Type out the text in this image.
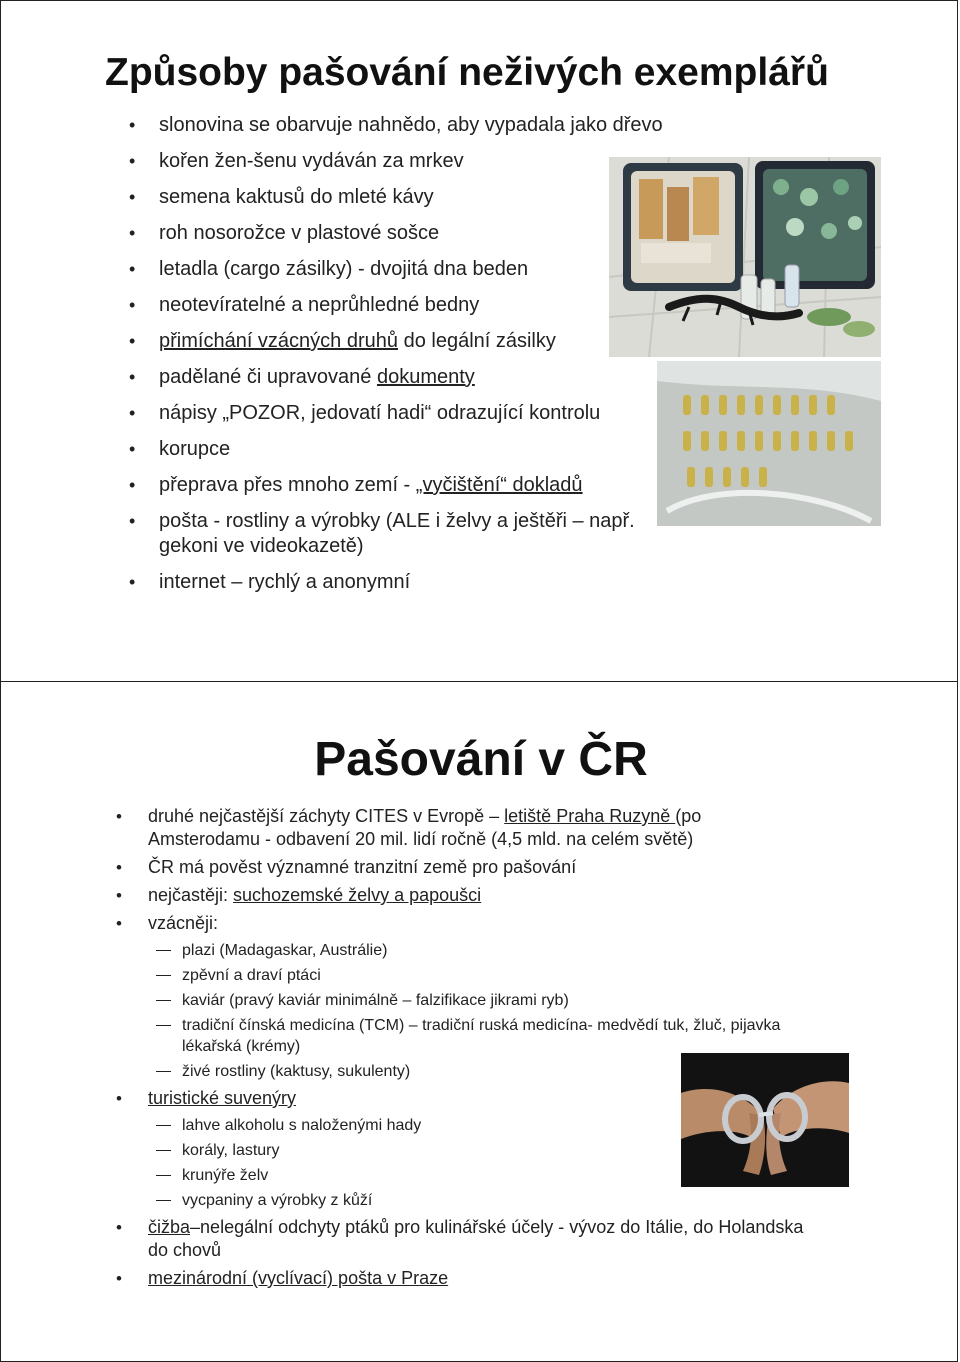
Způsoby pašování neživých exemplářů
• slonovina se obarvuje nahnědo, aby vypadala jako dřevo
• kořen žen-šenu vydáván za mrkev
• semena kaktusů do mleté kávy
• roh nosorožce v plastové sošce
• letadla (cargo zásilky) - dvojitá dna beden
• neotevíratelné a neprůhledné bedny
• přimíchání vzácných druhů do legální zásilky
• padělané či upravované dokumenty
• nápisy „POZOR, jedovatí hadi“ odrazující kontrolu
• korupce
• přeprava přes mnoho zemí - „vyčištění“ dokladů
• pošta - rostliny a výrobky (ALE i želvy a ještěři – např. gekoni ve videokazetě)
• internet – rychlý a anonymní
Pašování v ČR
• druhé nejčastější záchyty CITES v Evropě – letiště Praha Ruzyně (po Amsterodamu - odbavení 20 mil. lidí ročně (4,5 mld. na celém světě)
• ČR má pověst významné tranzitní země pro pašování
• nejčastěji: suchozemské želvy a papoušci
• vzácněji:
plazi (Madagaskar, Austrálie)
zpěvní a draví ptáci
kaviár (pravý kaviár minimálně – falzifikace jikrami ryb)
tradiční čínská medicína (TCM) – tradiční ruská medicína- medvědí tuk, žluč, pijavka lékařská (krémy)
živé rostliny (kaktusy, sukulenty)
• turistické suvenýry
lahve alkoholu s naloženými hady
korály, lastury
krunýře želv
vycpaniny a výrobky z kůží
• čižba–nelegální odchyty ptáků pro kulinářské účely - vývoz do Itálie, do Holandska do chovů
• mezinárodní (vyclívací) pošta v Praze
